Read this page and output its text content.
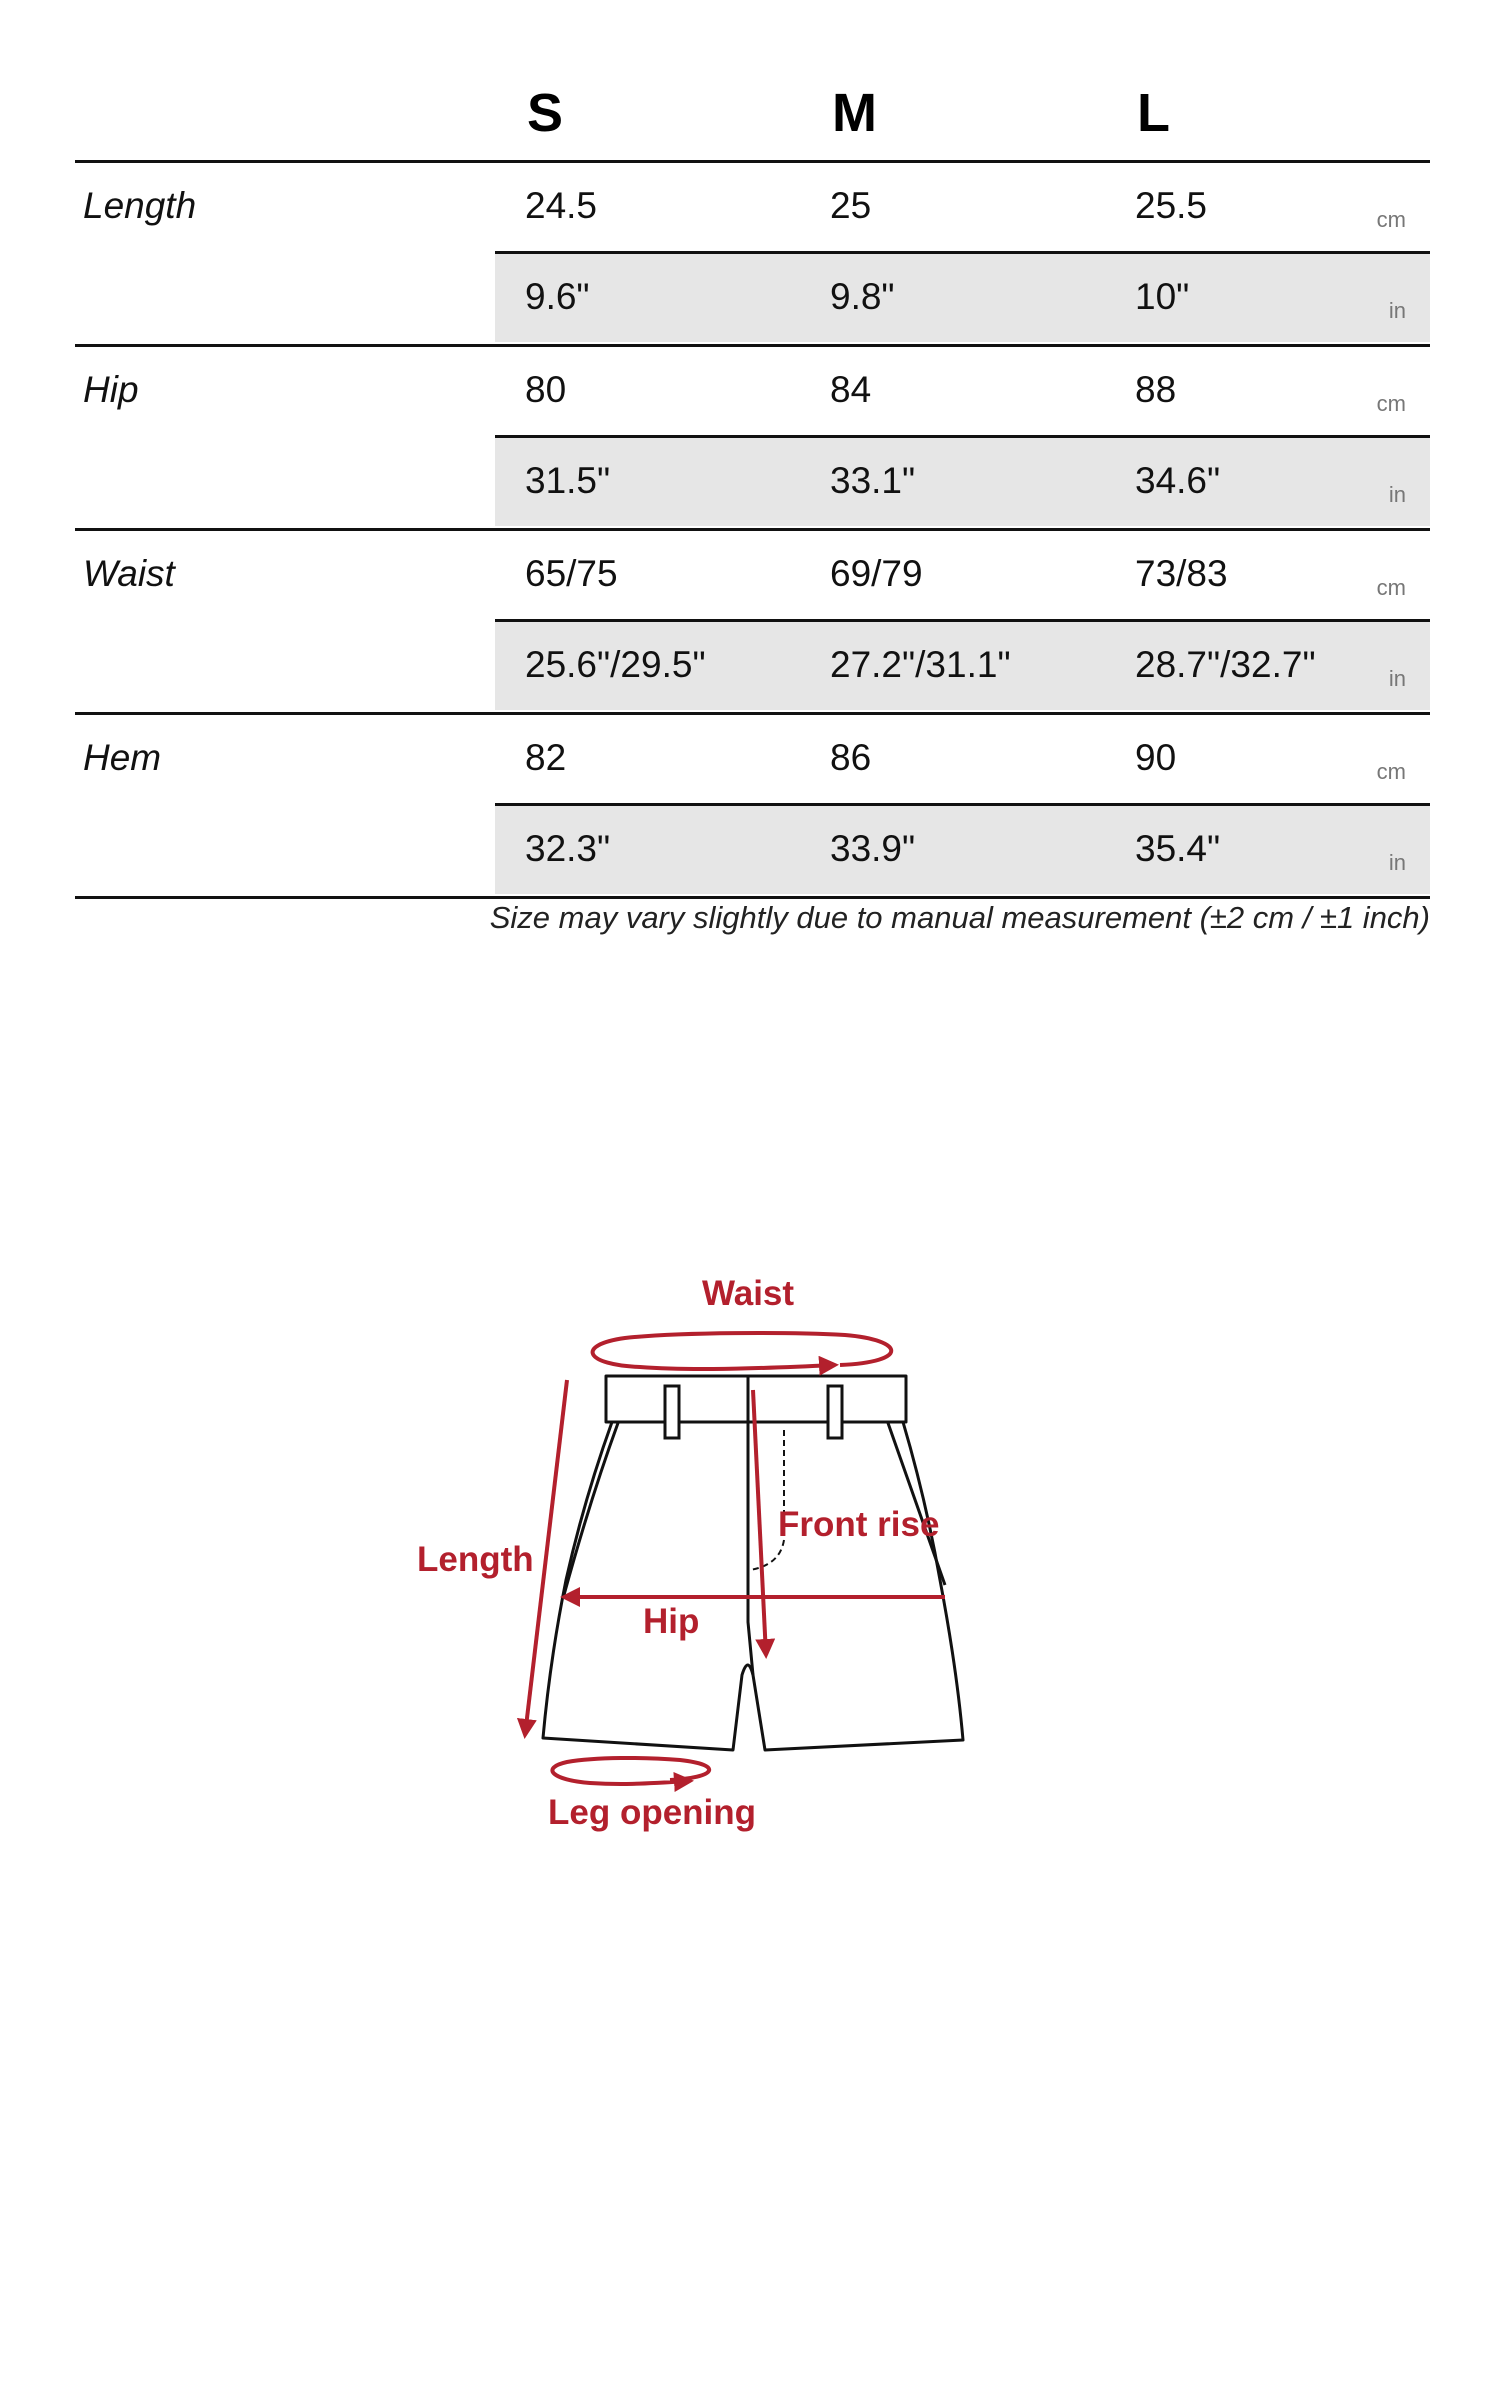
S	M	L
Length	24.5	25	25.5	cm
9.6"	9.8"	10"	in
Hip	80	84	88	cm
31.5"	33.1"	34.6"	in
Waist	65/75	69/79	73/83	cm
25.6"/29.5"	27.2"/31.1"	28.7"/32.7"	in
Hem	82	86	90	cm
32.3"	33.9"	35.4"	in
Size may vary slightly due to manual measurement (±2 cm / ±1 inch)
Waist
Length
Front rise
Hip
Leg opening
